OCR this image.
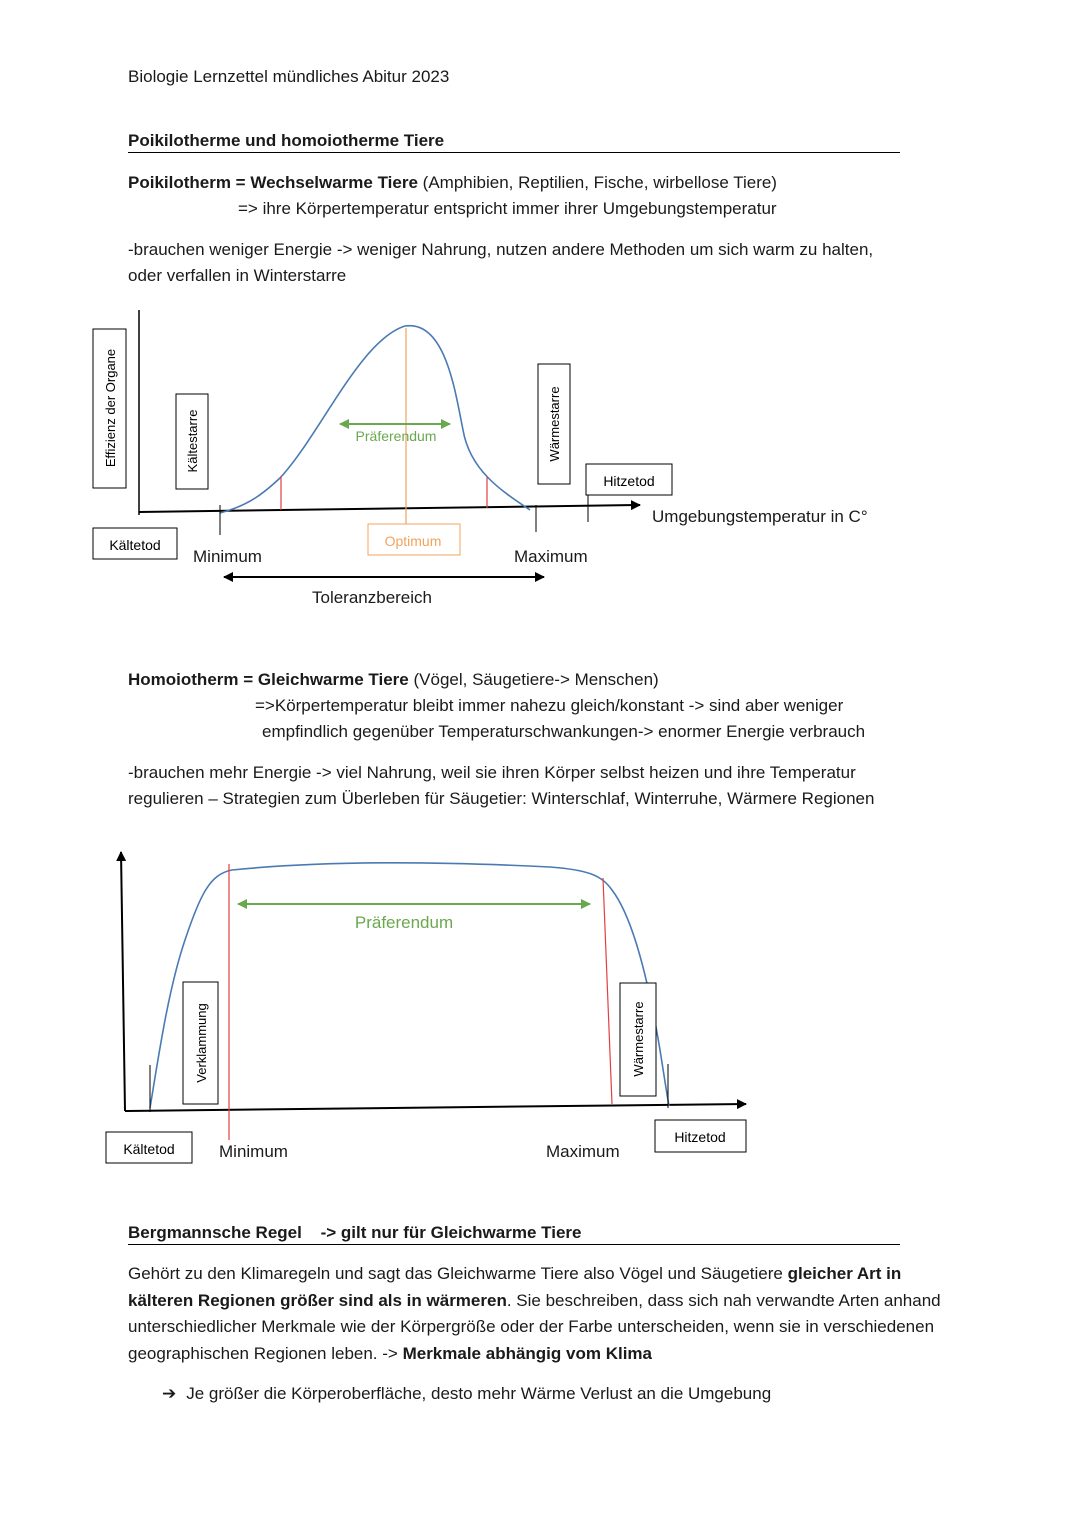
Biologie Lernzettel mündliches Abitur 2023
Poikilotherme und homoiotherme Tiere
Poikilotherm = Wechselwarme Tiere (Amphibien, Reptilien, Fische, wirbellose Tiere)
=> ihre Körpertemperatur entspricht immer ihrer Umgebungstemperatur
-brauchen weniger Energie -> weniger Nahrung, nutzen andere Methoden um sich warm zu halten,
oder verfallen in Winterstarre
Präferendum
Effizienz der Organe	Kältestarre	Wärmestarre
Hitzetod
Kältetod	Optimum
Minimum	Maximum
Umgebungstemperatur in C°
Toleranzbereich
Homoiotherm = Gleichwarme Tiere (Vögel, Säugetiere-> Menschen)
=>Körpertemperatur bleibt immer nahezu gleich/konstant -> sind aber weniger
empfindlich gegenüber Temperaturschwankungen-> enormer Energie verbrauch
-brauchen mehr Energie -> viel Nahrung, weil sie ihren Körper selbst heizen und ihre Temperatur
regulieren – Strategien zum Überleben für Säugetier: Winterschlaf, Winterruhe, Wärmere Regionen
Präferendum
Verklammung	Wärmestarre
Kältetod
Hitzetod
Minimum	Maximum
Bergmannsche Regel -> gilt nur für Gleichwarme Tiere
Gehört zu den Klimaregeln und sagt das Gleichwarme Tiere also Vögel und Säugetiere gleicher Art in kälteren Regionen größer sind als in wärmeren. Sie beschreiben, dass sich nah verwandte Arten anhand unterschiedlicher Merkmale wie der Körpergröße oder der Farbe unterscheiden, wenn sie in verschiedenen geographischen Regionen leben. -> Merkmale abhängig vom Klima
➔ Je größer die Körperoberfläche, desto mehr Wärme Verlust an die Umgebung
